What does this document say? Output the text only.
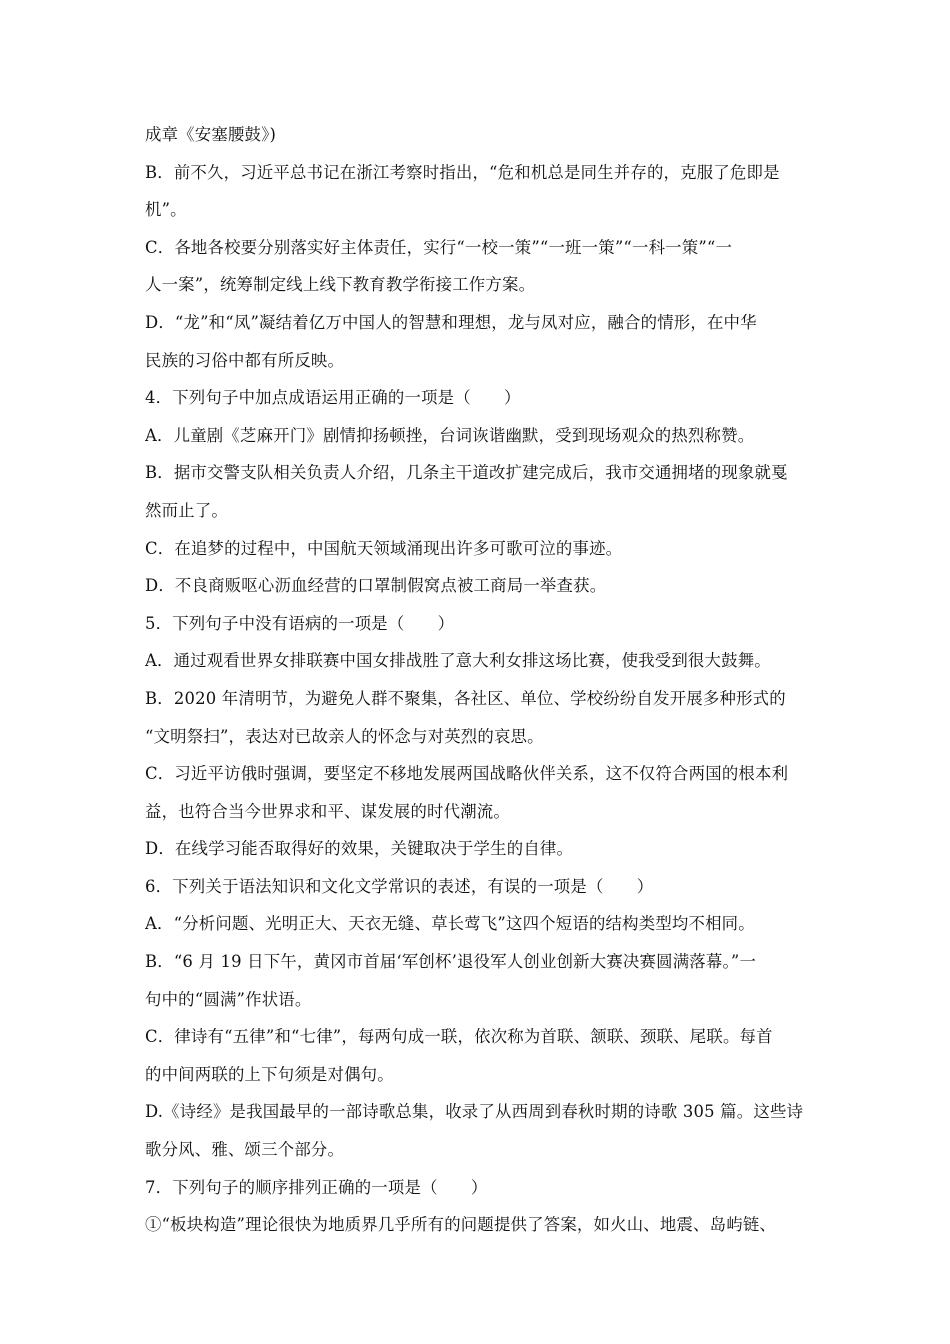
成章《安塞腰鼓》)
B．前不久，习近平总书记在浙江考察时指出，“危和机总是同生并存的，克服了危即是
机”。
C．各地各校要分别落实好主体责任，实行“一校一策”“一班一策”“一科一策”“一
人一案”，统筹制定线上线下教育教学衔接工作方案。
D．“龙”和“凤”凝结着亿万中国人的智慧和理想，龙与凤对应，融合的情形，在中华
民族的习俗中都有所反映。
4．下列句子中加点成语运用正确的一项是（　　）
A．儿童剧《芝麻开门》剧情抑扬顿挫，台词诙谐幽默，受到现场观众的热烈称赞。
B．据市交警支队相关负责人介绍，几条主干道改扩建完成后，我市交通拥堵的现象就戛
然而止了。
C．在追梦的过程中，中国航天领域涌现出许多可歌可泣的事迹。
D．不良商贩呕心沥血经营的口罩制假窝点被工商局一举查获。
5．下列句子中没有语病的一项是（　　）
A．通过观看世界女排联赛中国女排战胜了意大利女排这场比赛，使我受到很大鼓舞。
B．2020 年清明节，为避免人群不聚集，各社区、单位、学校纷纷自发开展多种形式的
“文明祭扫”，表达对已故亲人的怀念与对英烈的哀思。
C．习近平访俄时强调，要坚定不移地发展两国战略伙伴关系，这不仅符合两国的根本利
益，也符合当今世界求和平、谋发展的时代潮流。
D．在线学习能否取得好的效果，关键取决于学生的自律。
6．下列关于语法知识和文化文学常识的表述，有误的一项是（　　）
A．“分析问题、光明正大、天衣无缝、草长莺飞”这四个短语的结构类型均不相同。
B．“6 月 19 日下午，黄冈市首届‘军创杯’退役军人创业创新大赛决赛圆满落幕。”一
句中的“圆满”作状语。
C．律诗有“五律”和“七律”，每两句成一联，依次称为首联、颔联、颈联、尾联。每首
的中间两联的上下句须是对偶句。
D.《诗经》是我国最早的一部诗歌总集，收录了从西周到春秋时期的诗歌 305 篇。这些诗
歌分风、雅、颂三个部分。
7．下列句子的顺序排列正确的一项是（　　）
①“板块构造”理论很快为地质界几乎所有的问题提供了答案，如火山、地震、岛屿链、
